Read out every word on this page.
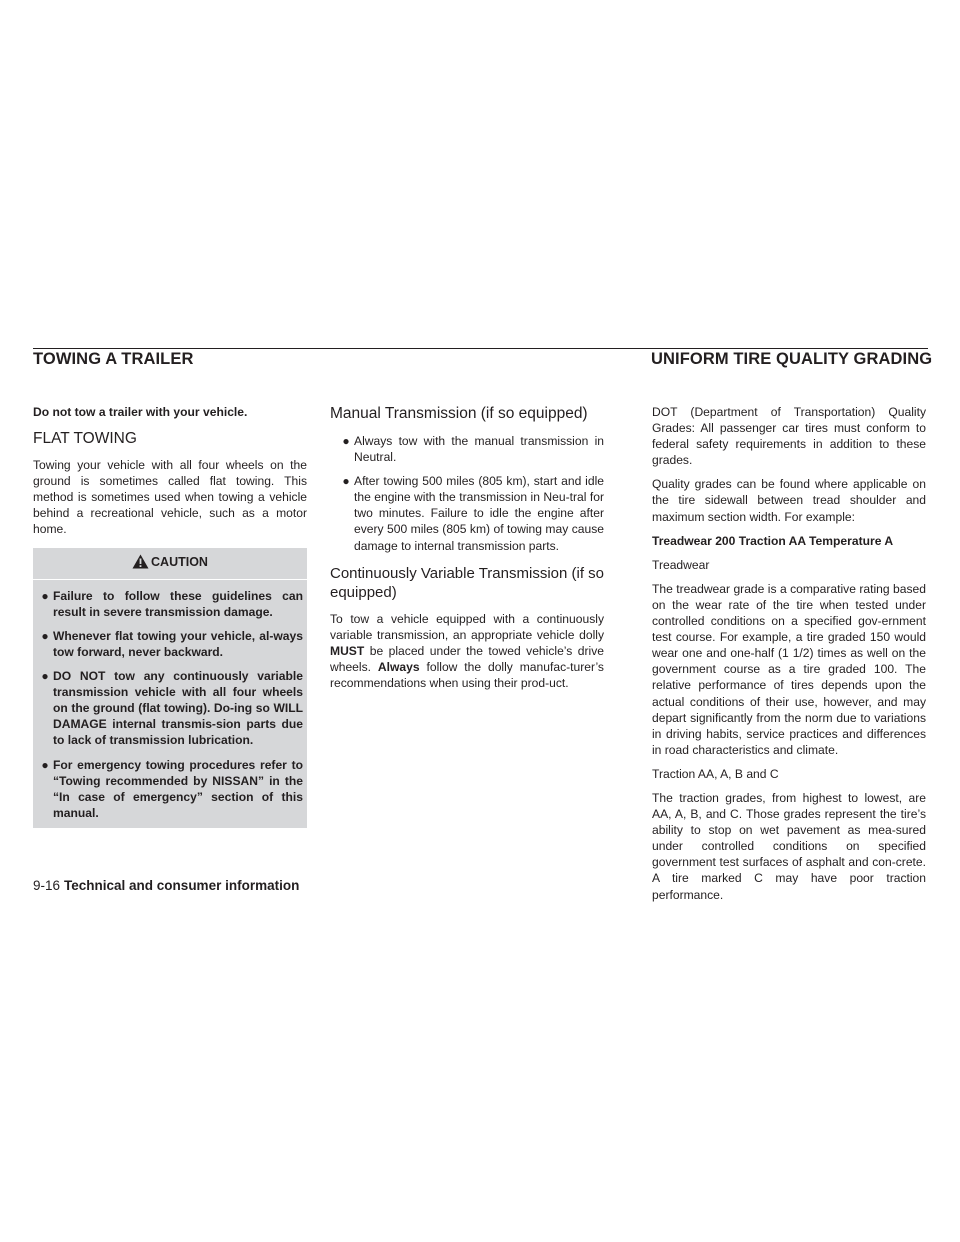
TOWING A TRAILER	UNIFORM TIRE QUALITY GRADING

Do not tow a trailer with your vehicle.

FLAT TOWING

Towing your vehicle with all four wheels on the ground is sometimes called flat towing. This method is sometimes used when towing a vehicle behind a recreational vehicle, such as a motor home.

CAUTION
● Failure to follow these guidelines can result in severe transmission damage.
● Whenever flat towing your vehicle, al-ways tow forward, never backward.
● DO NOT tow any continuously variable transmission vehicle with all four wheels on the ground (flat towing). Do-ing so WILL DAMAGE internal transmis-sion parts due to lack of transmission lubrication.
● For emergency towing procedures refer to “Towing recommended by NISSAN” in the “In case of emergency” section of this manual.
Manual Transmission (if so equipped)
● Always tow with the manual transmission in Neutral.
● After towing 500 miles (805 km), start and idle the engine with the transmission in Neu-tral for two minutes. Failure to idle the engine after every 500 miles (805 km) of towing may cause damage to internal transmission parts.
Continuously Variable Transmission (if so equipped)

To tow a vehicle equipped with a continuously variable transmission, an appropriate vehicle dolly MUST be placed under the towed vehicle’s drive wheels. Always follow the dolly manufac-turer’s recommendations when using their prod-uct.

DOT (Department of Transportation) Quality Grades: All passenger car tires must conform to federal safety requirements in addition to these grades.

Quality grades can be found where applicable on the tire sidewall between tread shoulder and maximum section width. For example:

Treadwear 200 Traction AA Temperature A

Treadwear

The treadwear grade is a comparative rating based on the wear rate of the tire when tested under controlled conditions on a specified gov-ernment test course. For example, a tire graded 150 would wear one and one-half (1 1/2) times as well on the government course as a tire graded 100. The relative performance of tires depends upon the actual conditions of their use, however, and may depart significantly from the norm due to variations in driving habits, service practices and differences in road characteristics and climate.

Traction AA, A, B and C

The traction grades, from highest to lowest, are AA, A, B, and C. Those grades represent the tire’s ability to stop on wet pavement as mea-sured under controlled conditions on specified government test surfaces of asphalt and con-crete. A tire marked C may have poor traction performance.

9-16 Technical and consumer information
